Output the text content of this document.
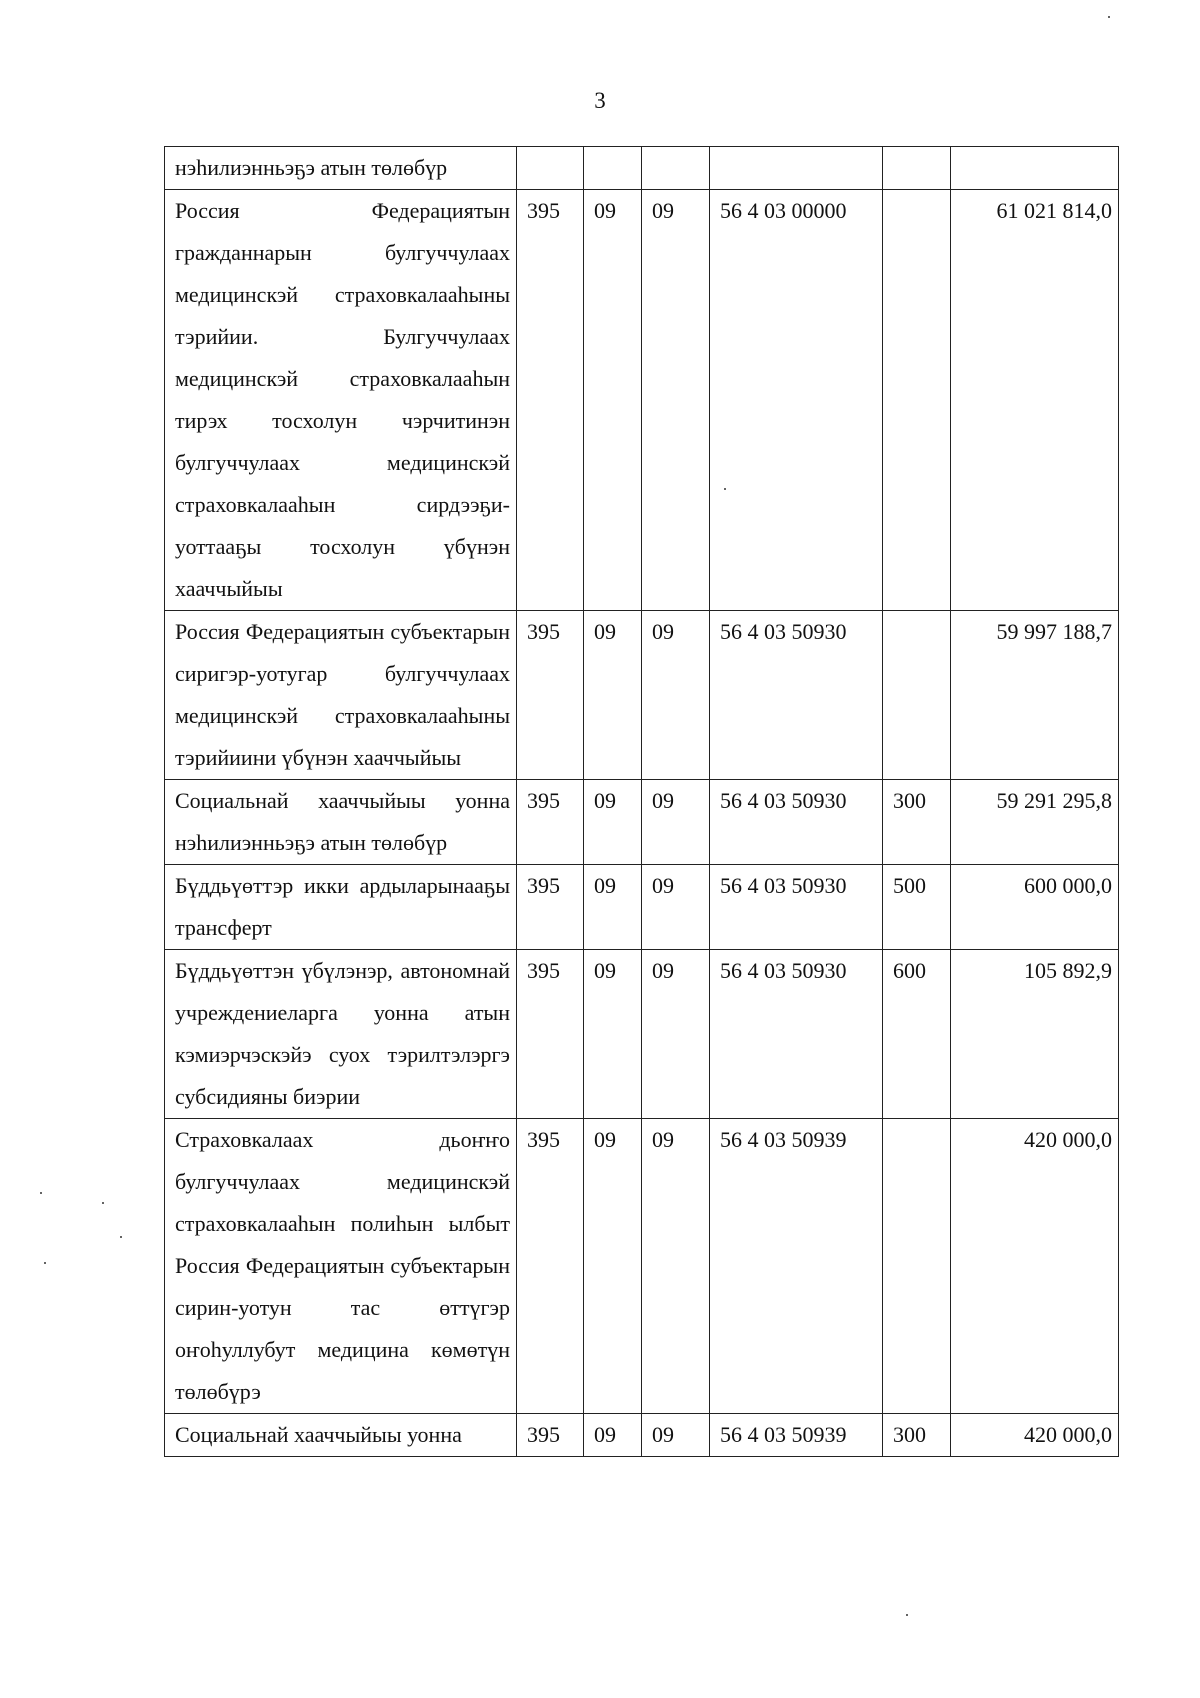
3
нэһилиэнньэҕэ атын төлөбүр						
Россия Федерациятын гражданнарын булгуччулаах медицинскэй страховкалааһыны тэрийии. Булгуччулаах медицинскэй страховкалааһын тирэх тосхолун чэрчитинэн булгуччулаах медицинскэй страховкалааһын сирдээҕи-уоттааҕы тосхолун үбүнэн хааччыйыы	395	09	09	56 4 03 00000		61 021 814,0
Россия Федерациятын субъектарын сиригэр-уотугар булгуччулаах медицинскэй страховкалааһыны тэрийиини үбүнэн хааччыйыы	395	09	09	56 4 03 50930		59 997 188,7
Социальнай хааччыйыы уонна нэһилиэнньэҕэ атын төлөбүр	395	09	09	56 4 03 50930	300	59 291 295,8
Бүддьүөттэр икки ардыларынааҕы трансферт	395	09	09	56 4 03 50930	500	600 000,0
Бүддьүөттэн үбүлэнэр, автономнай учреждениеларга уонна атын кэмиэрчэскэйэ суох тэрилтэлэргэ субсидияны биэрии	395	09	09	56 4 03 50930	600	105 892,9
Страховкалаах дьоҥҥо булгуччулаах медицинскэй страховкалааһын полиһын ылбыт Россия Федерациятын субъектарын сирин-уотун тас өттүгэр оҥоһуллубут медицина көмөтүн төлөбүрэ	395	09	09	56 4 03 50939		420 000,0
Социальнай хааччыйыы уонна	395	09	09	56 4 03 50939	300	420 000,0
